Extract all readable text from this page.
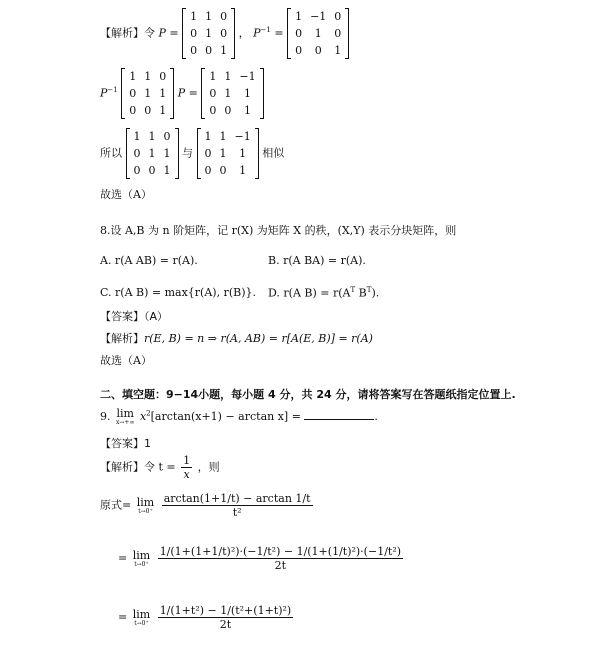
【解析】令 P =
1	1	0
0	1	0
0	0	1
， $P^{-1}$ =
1	−1	0
0	1	0
0	0	1
$P^{-1}$
1	1	0
0	1	1
0	0	1
P =
1	1	−1
0	1	1
0	0	1
所以
1	1	0
0	1	1
0	0	1
与
1	1	−1
0	1	1
0	0	1
相似
故选（A）
8.设 A,B 为 n 阶矩阵，记 r(X) 为矩阵 X 的秩，(X,Y) 表示分块矩阵，则
A. r(A AB) = r(A).	B. r(A BA) = r(A).
C. r(A B) = max{r(A), r(B)}. D. r(A $B) = r(A^T$ $B^T$).
【答案】（A）
【解析】r(E, B) = n ⇒ r(A, AB) = r[A(E, B)] = r(A)
故选（A）
二、填空题：9−14小题，每小题 4 分，共 24 分，请将答案写在答题纸指定位置上.
9. lim
x→+∞ $x^2[\arctan(x+1) - \arctan x]$ =	.
【答案】1
【解析】令 $t = \frac{1}{x}$ ，则
原式= lim
t→0⁺
$\frac{\arctan(1+1/t) - \arctan 1/t}{\text{t²}}$
= lim
t→0⁺
$\frac{\text{1/(1+(1+1/t)²)·(−1/t²) − 1/(1+(1/t)²)·(−1/t²)}}{2t}$
= lim
t→0⁺
$\frac{\text{1/(1+t²) − 1/(t²+(1+t)²)}}{2t}$
